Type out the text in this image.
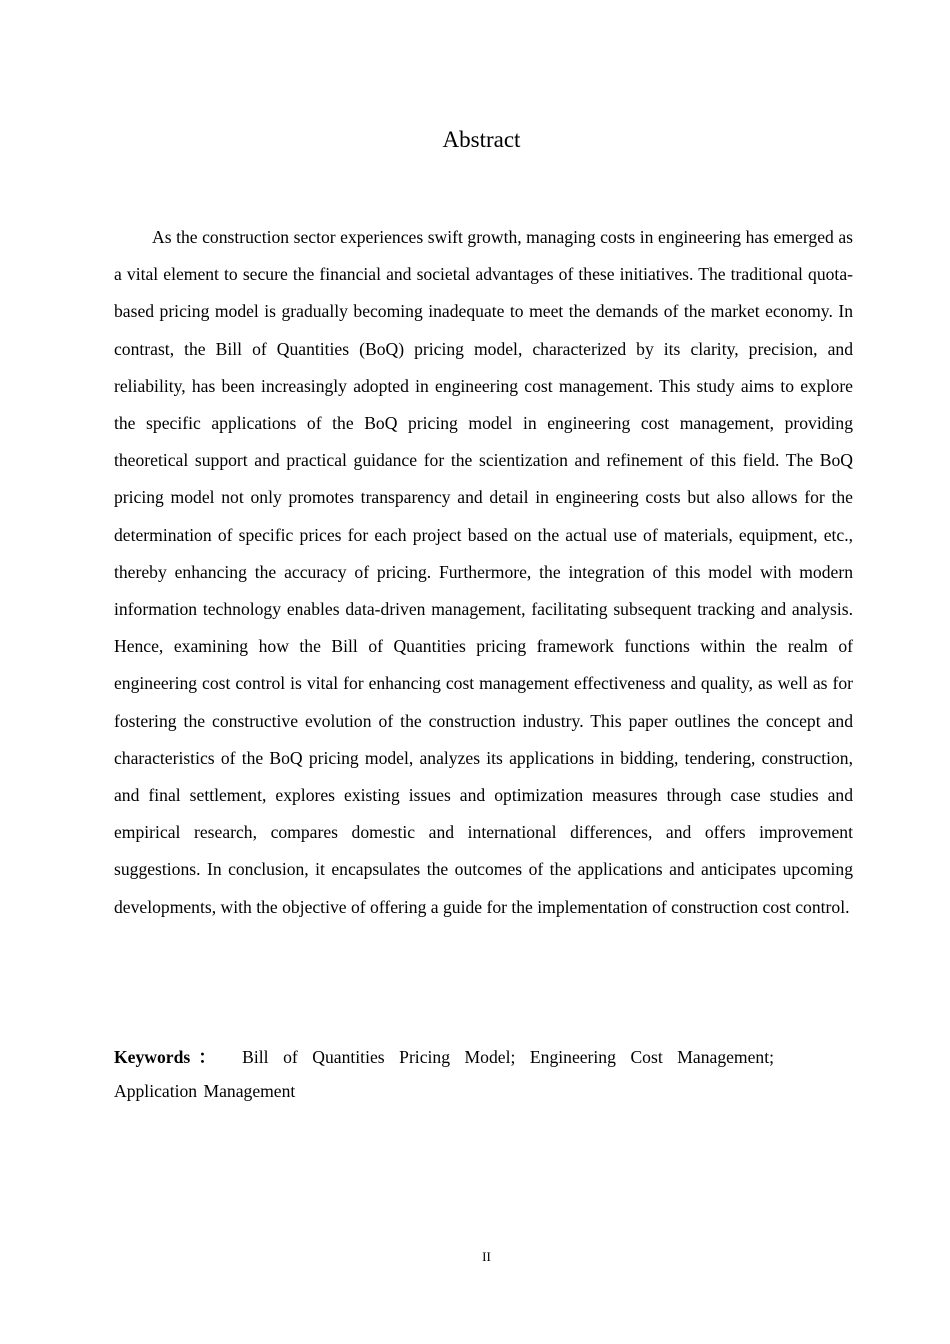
Abstract

As the construction sector experiences swift growth, managing costs in engineering has emerged as a vital element to secure the financial and societal advantages of these initiatives. The traditional quota-based pricing model is gradually becoming inadequate to meet the demands of the market economy. In contrast, the Bill of Quantities (BoQ) pricing model, characterized by its clarity, precision, and reliability, has been increasingly adopted in engineering cost management. This study aims to explore the specific applications of the BoQ pricing model in engineering cost management, providing theoretical support and practical guidance for the scientization and refinement of this field. The BoQ pricing model not only promotes transparency and detail in engineering costs but also allows for the determination of specific prices for each project based on the actual use of materials, equipment, etc., thereby enhancing the accuracy of pricing. Furthermore, the integration of this model with modern information technology enables data-driven management, facilitating subsequent tracking and analysis. Hence, examining how the Bill of Quantities pricing framework functions within the realm of engineering cost control is vital for enhancing cost management effectiveness and quality, as well as for fostering the constructive evolution of the construction industry. This paper outlines the concept and characteristics of the BoQ pricing model, analyzes its applications in bidding, tendering, construction, and final settlement, explores existing issues and optimization measures through case studies and empirical research, compares domestic and international differences, and offers improvement suggestions. In conclusion, it encapsulates the outcomes of the applications and anticipates upcoming developments, with the objective of offering a guide for the implementation of construction cost control.

Keywords： Bill of Quantities Pricing Model; Engineering Cost Management; Application Management

II
